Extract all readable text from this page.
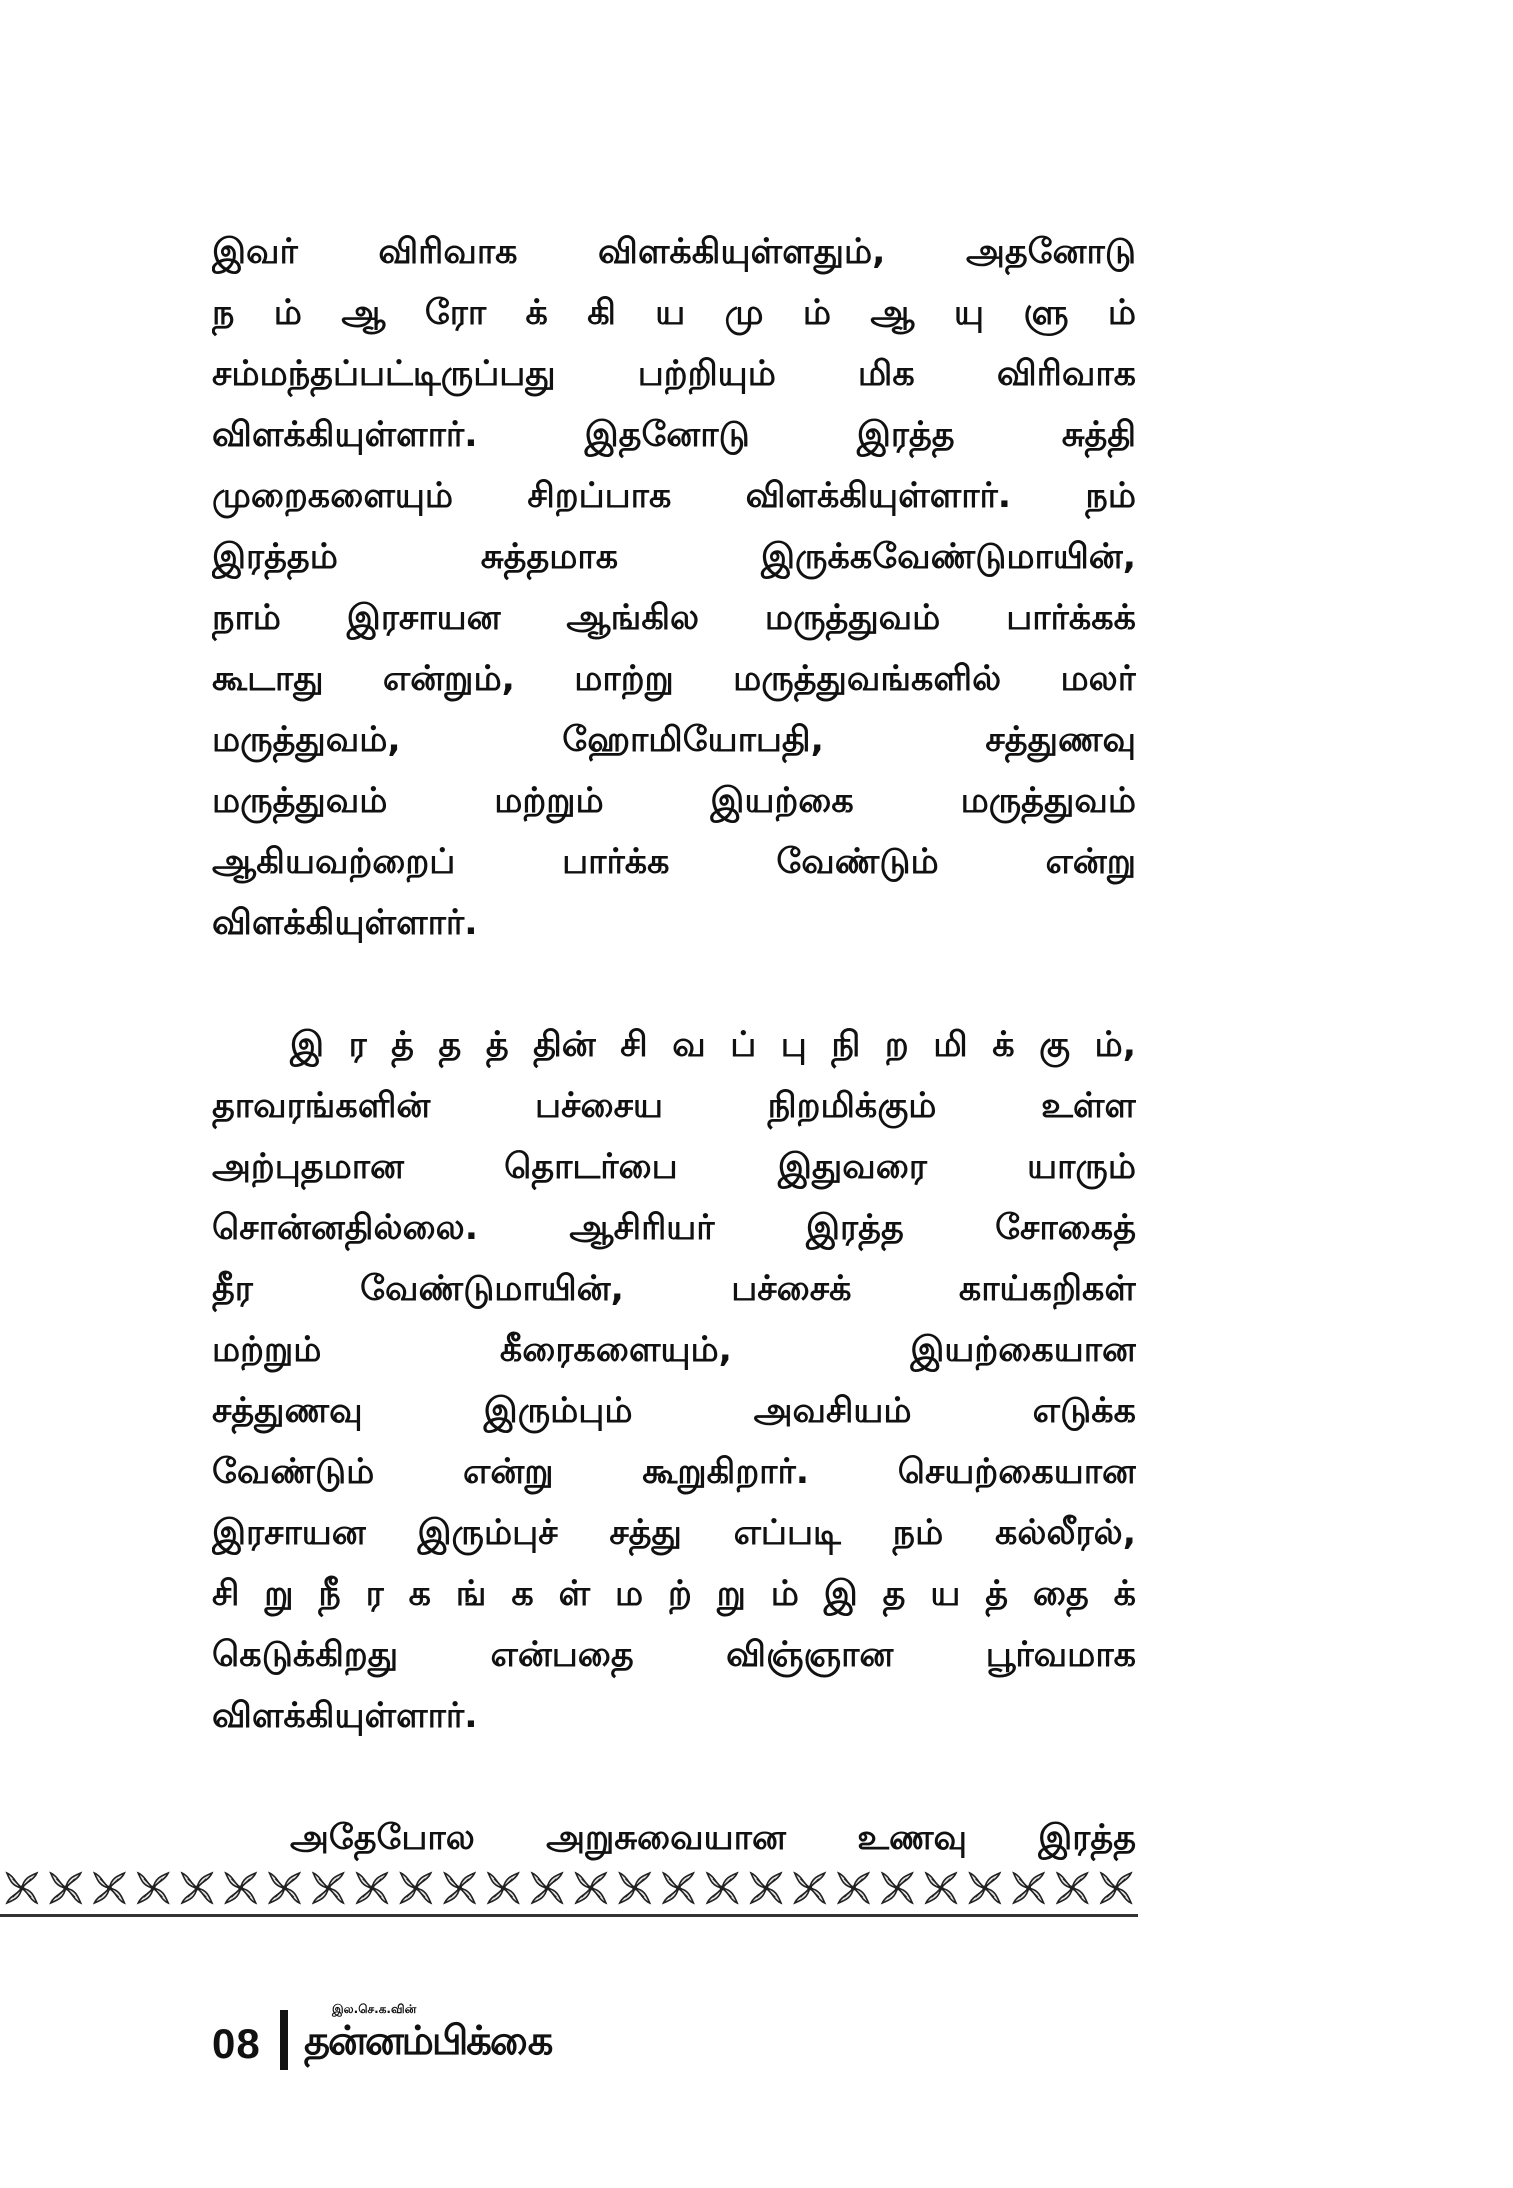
இவர் விரிவாக விளக்கியுள்ளதும், அதனோடு
ந ம் ஆ ரோ க் கி ய மு ம் ஆ யு ளு ம்
சம்மந்தப்பட்டிருப்பது பற்றியும் மிக விரிவாக
விளக்கியுள்ளார். இதனோடு இரத்த சுத்தி
முறைகளையும் சிறப்பாக விளக்கியுள்ளார். நம்
இரத்தம் சுத்தமாக இருக்கவேண்டுமாயின்,
நாம் இரசாயன ஆங்கில மருத்துவம் பார்க்கக்
கூடாது என்றும், மாற்று மருத்துவங்களில் மலர்
மருத்துவம், ஹோமியோபதி, சத்துணவு
மருத்துவம் மற்றும் இயற்கை மருத்துவம்
ஆகியவற்றைப் பார்க்க வேண்டும் என்று
விளக்கியுள்ளார்.
இ ர த் த த் தின் சி வ ப் பு நி ற மி க் கு ம்,
தாவரங்களின் பச்சைய நிறமிக்கும் உள்ள
அற்புதமான தொடர்பை இதுவரை யாரும்
சொன்னதில்லை. ஆசிரியர் இரத்த சோகைத்
தீர வேண்டுமாயின், பச்சைக் காய்கறிகள்
மற்றும் கீரைகளையும், இயற்கையான
சத்துணவு இரும்பும் அவசியம் எடுக்க
வேண்டும் என்று கூறுகிறார். செயற்கையான
இரசாயன இரும்புச் சத்து எப்படி நம் கல்லீரல்,
சி று நீ ர க ங் க ள் ம ற் று ம் இ த ய த் தை க்
கெடுக்கிறது என்பதை விஞ்ஞான பூர்வமாக
விளக்கியுள்ளார்.
அதேபோல அறுசுவையான உணவு இரத்த
08
இல.செ.க.வின்
தன்னம்பிக்கை
